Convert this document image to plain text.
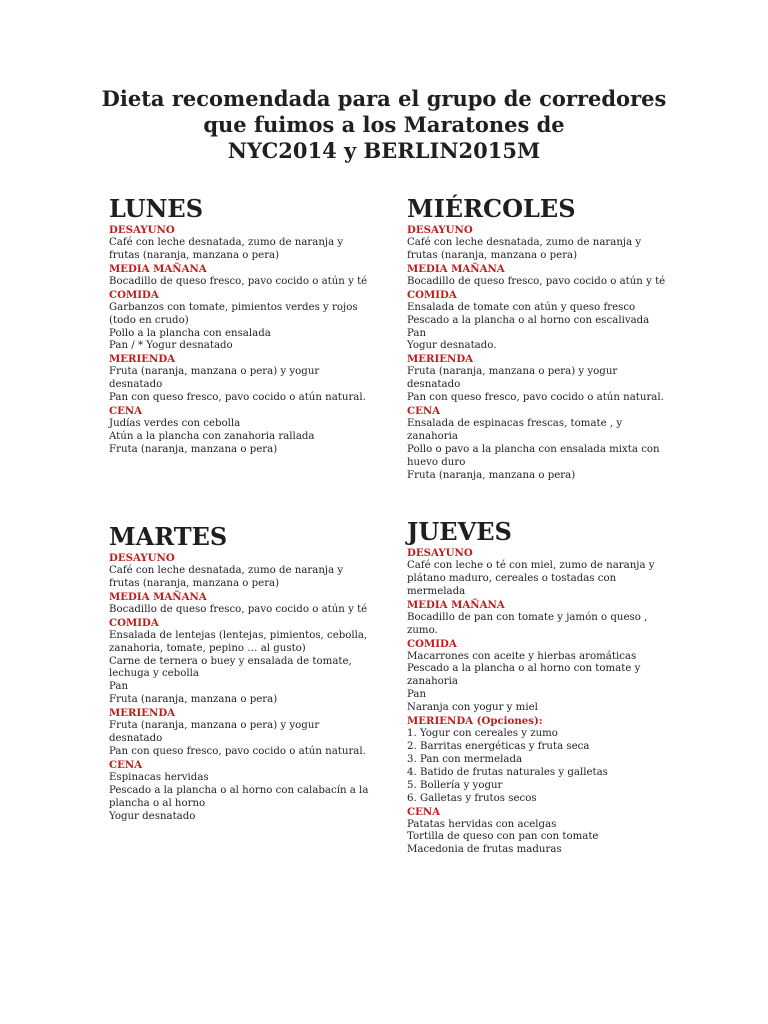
Dieta recomendada para el grupo de corredores
que fuimos a los Maratones de
NYC2014 y BERLIN2015M
LUNES
DESAYUNO
Café con leche desnatada, zumo de naranja y
frutas (naranja, manzana o pera)
MEDIA MAÑANA
Bocadillo de queso fresco, pavo cocido o atún y té
COMIDA
Garbanzos con tomate, pimientos verdes y rojos
(todo en crudo)
Pollo a la plancha con ensalada
Pan / * Yogur desnatado
MERIENDA
Fruta (naranja, manzana o pera) y yogur
desnatado
Pan con queso fresco, pavo cocido o atún natural.
CENA
Judías verdes con cebolla
Atún a la plancha con zanahoria rallada
Fruta (naranja, manzana o pera)
MIÉRCOLES
DESAYUNO
Café con leche desnatada, zumo de naranja y
frutas (naranja, manzana o pera)
MEDIA MAÑANA
Bocadillo de queso fresco, pavo cocido o atún y té
COMIDA
Ensalada de tomate con atún y queso fresco
Pescado a la plancha o al horno con escalivada
Pan
Yogur desnatado.
MERIENDA
Fruta (naranja, manzana o pera) y yogur
desnatado
Pan con queso fresco, pavo cocido o atún natural.
CENA
Ensalada de espinacas frescas, tomate , y
zanahoria
Pollo o pavo a la plancha con ensalada mixta con
huevo duro
Fruta (naranja, manzana o pera)
MARTES
DESAYUNO
Café con leche desnatada, zumo de naranja y
frutas (naranja, manzana o pera)
MEDIA MAÑANA
Bocadillo de queso fresco, pavo cocido o atún y té
COMIDA
Ensalada de lentejas (lentejas, pimientos, cebolla,
zanahoria, tomate, pepino … al gusto)
Carne de ternera o buey y ensalada de tomate,
lechuga y cebolla
Pan
Fruta (naranja, manzana o pera)
MERIENDA
Fruta (naranja, manzana o pera) y yogur
desnatado
Pan con queso fresco, pavo cocido o atún natural.
CENA
Espinacas hervidas
Pescado a la plancha o al horno con calabacín a la
plancha o al horno
Yogur desnatado
JUEVES
DESAYUNO
Café con leche o té con miel, zumo de naranja y
plátano maduro, cereales o tostadas con
mermelada
MEDIA MAÑANA
Bocadillo de pan con tomate y jamón o queso ,
zumo.
COMIDA
Macarrones con aceite y hierbas aromáticas
Pescado a la plancha o al horno con tomate y
zanahoria
Pan
Naranja con yogur y miel
MERIENDA (Opciones):
1. Yogur con cereales y zumo
2. Barritas energéticas y fruta seca
3. Pan con mermelada
4. Batido de frutas naturales y galletas
5. Bollería y yogur
6. Galletas y frutos secos
CENA
Patatas hervidas con acelgas
Tortilla de queso con pan con tomate
Macedonia de frutas maduras
